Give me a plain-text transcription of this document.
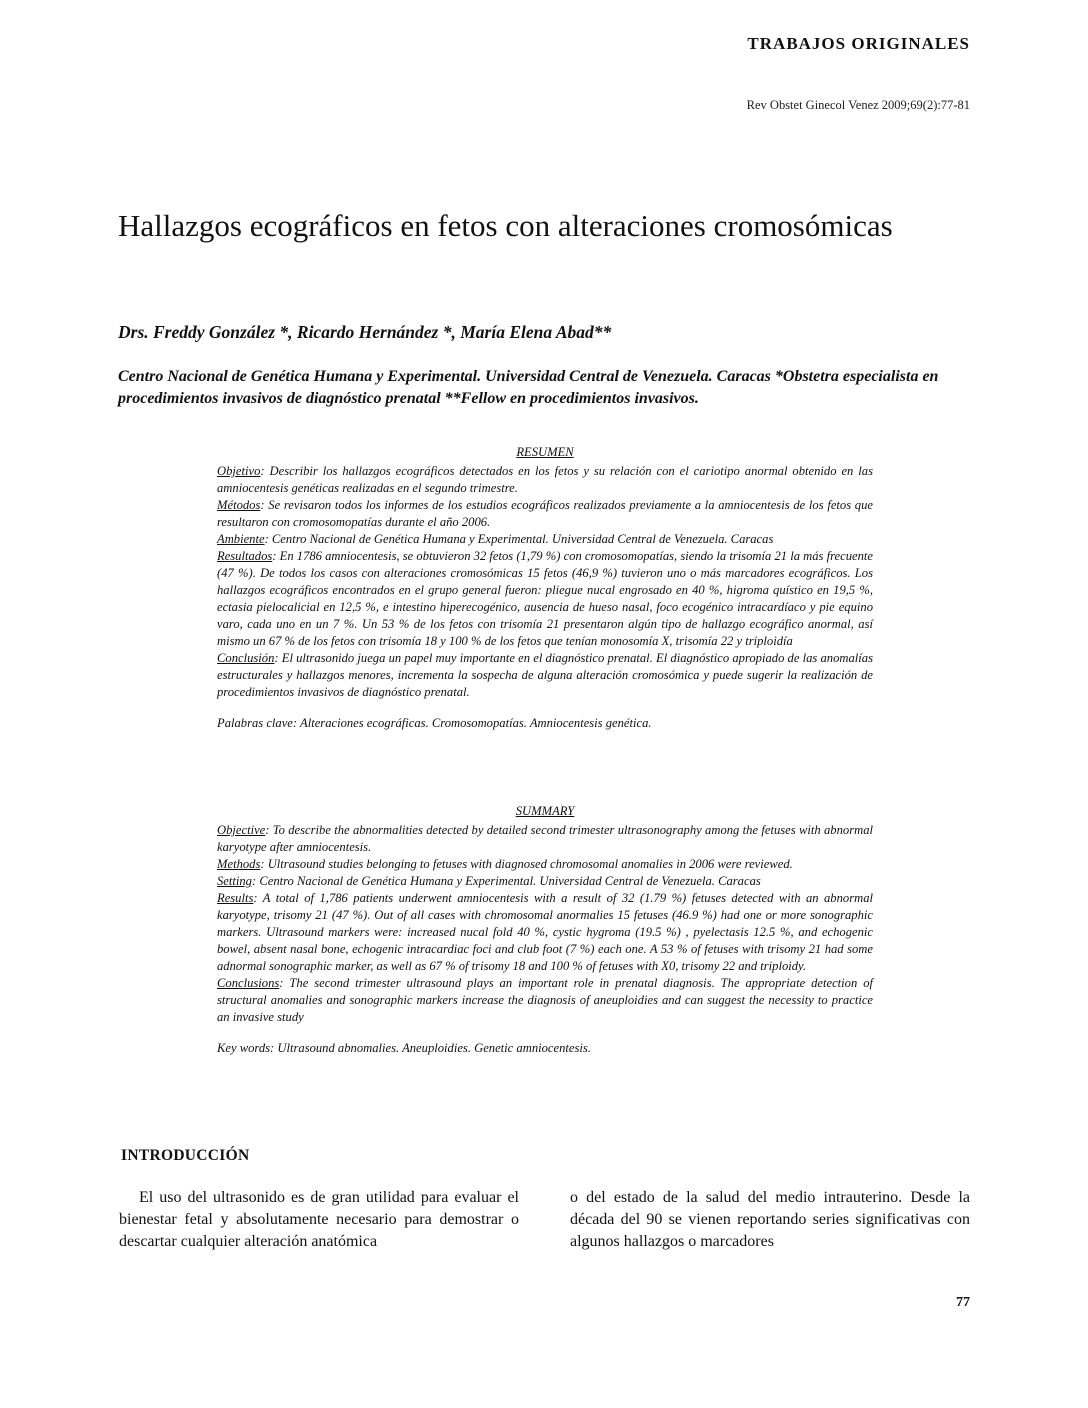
TRABAJOS ORIGINALES
Rev Obstet Ginecol Venez 2009;69(2):77-81
Hallazgos ecográficos en fetos con alteraciones cromosómicas
Drs. Freddy González *, Ricardo Hernández *, María Elena Abad**
Centro Nacional de Genética Humana y Experimental. Universidad Central de Venezuela. Caracas *Obstetra especialista en procedimientos invasivos de diagnóstico prenatal **Fellow en procedimientos invasivos.
RESUMEN

Objetivo: Describir los hallazgos ecográficos detectados en los fetos y su relación con el cariotipo anormal obtenido en las amniocentesis genéticas realizadas en el segundo trimestre.

Métodos: Se revisaron todos los informes de los estudios ecográficos realizados previamente a la amniocentesis de los fetos que resultaron con cromosomopatías durante el año 2006.

Ambiente: Centro Nacional de Genética Humana y Experimental. Universidad Central de Venezuela. Caracas

Resultados: En 1786 amniocentesis, se obtuvieron 32 fetos (1,79 %) con cromosomopatías, siendo la trisomía 21 la más frecuente (47 %). De todos los casos con alteraciones cromosómicas 15 fetos (46,9 %) tuvieron uno o más marcadores ecográficos. Los hallazgos ecográficos encontrados en el grupo general fueron: pliegue nucal engrosado en 40 %, higroma quístico en 19,5 %, ectasia pielocalicial en 12,5 %, e intestino hiperecogénico, ausencia de hueso nasal, foco ecogénico intracardíaco y pie equino varo, cada uno en un 7 %. Un 53 % de los fetos con trisomía 21 presentaron algún tipo de hallazgo ecográfico anormal, así mismo un 67 % de los fetos con trisomía 18 y 100 % de los fetos que tenían monosomía X, trisomía 22 y triploidía

Conclusión: El ultrasonido juega un papel muy importante en el diagnóstico prenatal. El diagnóstico apropiado de las anomalías estructurales y hallazgos menores, incrementa la sospecha de alguna alteración cromosómica y puede sugerir la realización de procedimientos invasivos de diagnóstico prenatal.

Palabras clave: Alteraciones ecográficas. Cromosomopatías. Amniocentesis genética.

SUMMARY

Objective: To describe the abnormalities detected by detailed second trimester ultrasonography among the fetuses with abnormal karyotype after amniocentesis.

Methods: Ultrasound studies belonging to fetuses with diagnosed chromosomal anomalies in 2006 were reviewed.

Setting: Centro Nacional de Genética Humana y Experimental. Universidad Central de Venezuela. Caracas

Results: A total of 1,786 patients underwent amniocentesis with a result of 32 (1.79 %) fetuses detected with an abnormal karyotype, trisomy 21 (47 %). Out of all cases with chromosomal anormalies 15 fetuses (46.9 %) had one or more sonographic markers. Ultrasound markers were: increased nucal fold 40 %, cystic hygroma (19.5 %) , pyelectasis 12.5 %, and echogenic bowel, absent nasal bone, echogenic intracardiac foci and club foot (7 %) each one. A 53 % of fetuses with trisomy 21 had some adnormal sonographic marker, as well as 67 % of trisomy 18 and 100 % of fetuses with X0, trisomy 22 and triploidy.

Conclusions: The second trimester ultrasound plays an important role in prenatal diagnosis. The appropriate detection of structural anomalies and sonographic markers increase the diagnosis of aneuploidies and can suggest the necessity to practice an invasive study

Key words: Ultrasound abnomalies. Aneuploidies. Genetic amniocentesis.

INTRODUCCIÓN
El uso del ultrasonido es de gran utilidad para evaluar el bienestar fetal y absolutamente necesario para demostrar o descartar cualquier alteración anatómica
o del estado de la salud del medio intrauterino. Desde la década del 90 se vienen reportando series significativas con algunos hallazgos o marcadores
77
